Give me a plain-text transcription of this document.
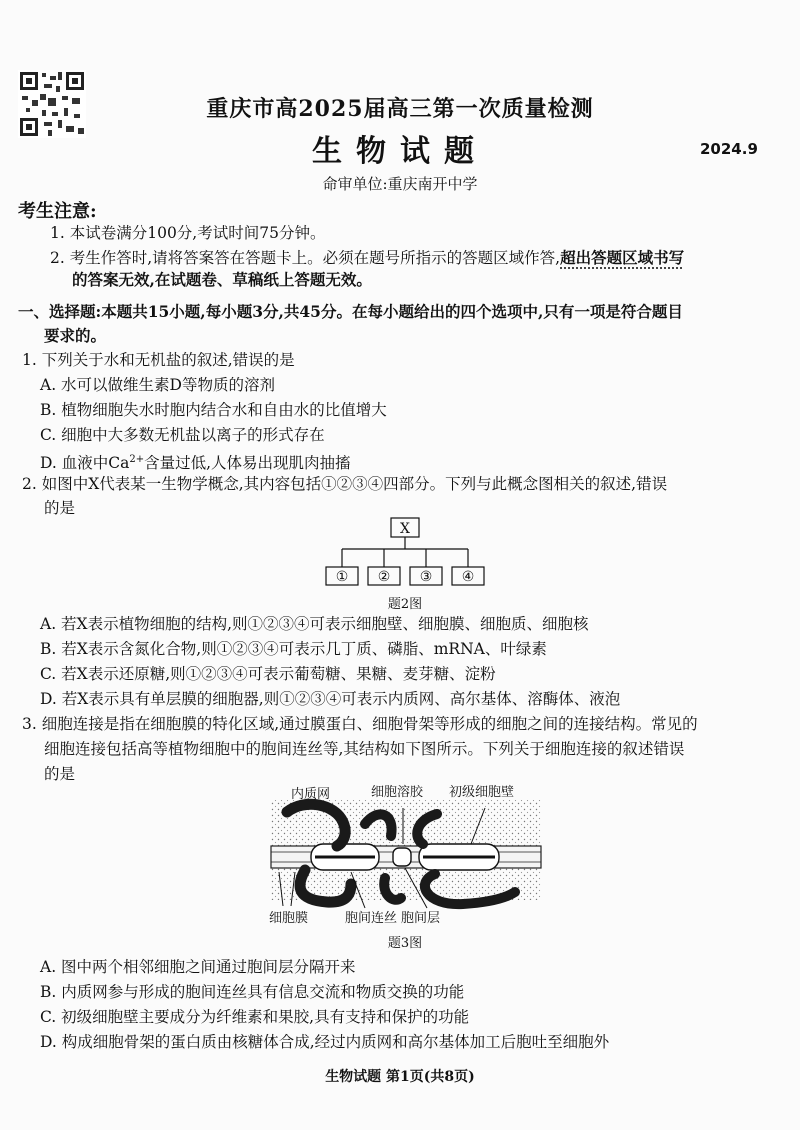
重庆市高2025届高三第一次质量检测
生物试题	2024.9
命审单位:重庆南开中学
考生注意:
1. 本试卷满分100分,考试时间75分钟。
2. 考生作答时,请将答案答在答题卡上。必须在题号所指示的答题区域作答,超出答题区域书写
的答案无效,在试题卷、草稿纸上答题无效。
一、选择题:本题共15小题,每小题3分,共45分。在每小题给出的四个选项中,只有一项是符合题目
要求的。
1. 下列关于水和无机盐的叙述,错误的是
A. 水可以做维生素D等物质的溶剂
B. 植物细胞失水时胞内结合水和自由水的比值增大
C. 细胞中大多数无机盐以离子的形式存在
D. 血液中$Ca^{2+}$含量过低,人体易出现肌肉抽搐
2. 如图中X代表某一生物学概念,其内容包括①②③④四部分。下列与此概念图相关的叙述,错误
的是
X
① ② ③ ④
题2图
A. 若X表示植物细胞的结构,则①②③④可表示细胞壁、细胞膜、细胞质、细胞核
B. 若X表示含氮化合物,则①②③④可表示几丁质、磷脂、mRNA、叶绿素
C. 若X表示还原糖,则①②③④可表示葡萄糖、果糖、麦芽糖、淀粉
D. 若X表示具有单层膜的细胞器,则①②③④可表示内质网、高尔基体、溶酶体、液泡
3. 细胞连接是指在细胞膜的特化区域,通过膜蛋白、细胞骨架等形成的细胞之间的连接结构。常见的
细胞连接包括高等植物细胞中的胞间连丝等,其结构如下图所示。下列关于细胞连接的叙述错误
的是
内质网	细胞溶胶 初级细胞壁
细胞膜	胞间连丝 胞间层
题3图
A. 图中两个相邻细胞之间通过胞间层分隔开来
B. 内质网参与形成的胞间连丝具有信息交流和物质交换的功能
C. 初级细胞壁主要成分为纤维素和果胶,具有支持和保护的功能
D. 构成细胞骨架的蛋白质由核糖体合成,经过内质网和高尔基体加工后胞吐至细胞外
生物试题 第1页(共8页)
